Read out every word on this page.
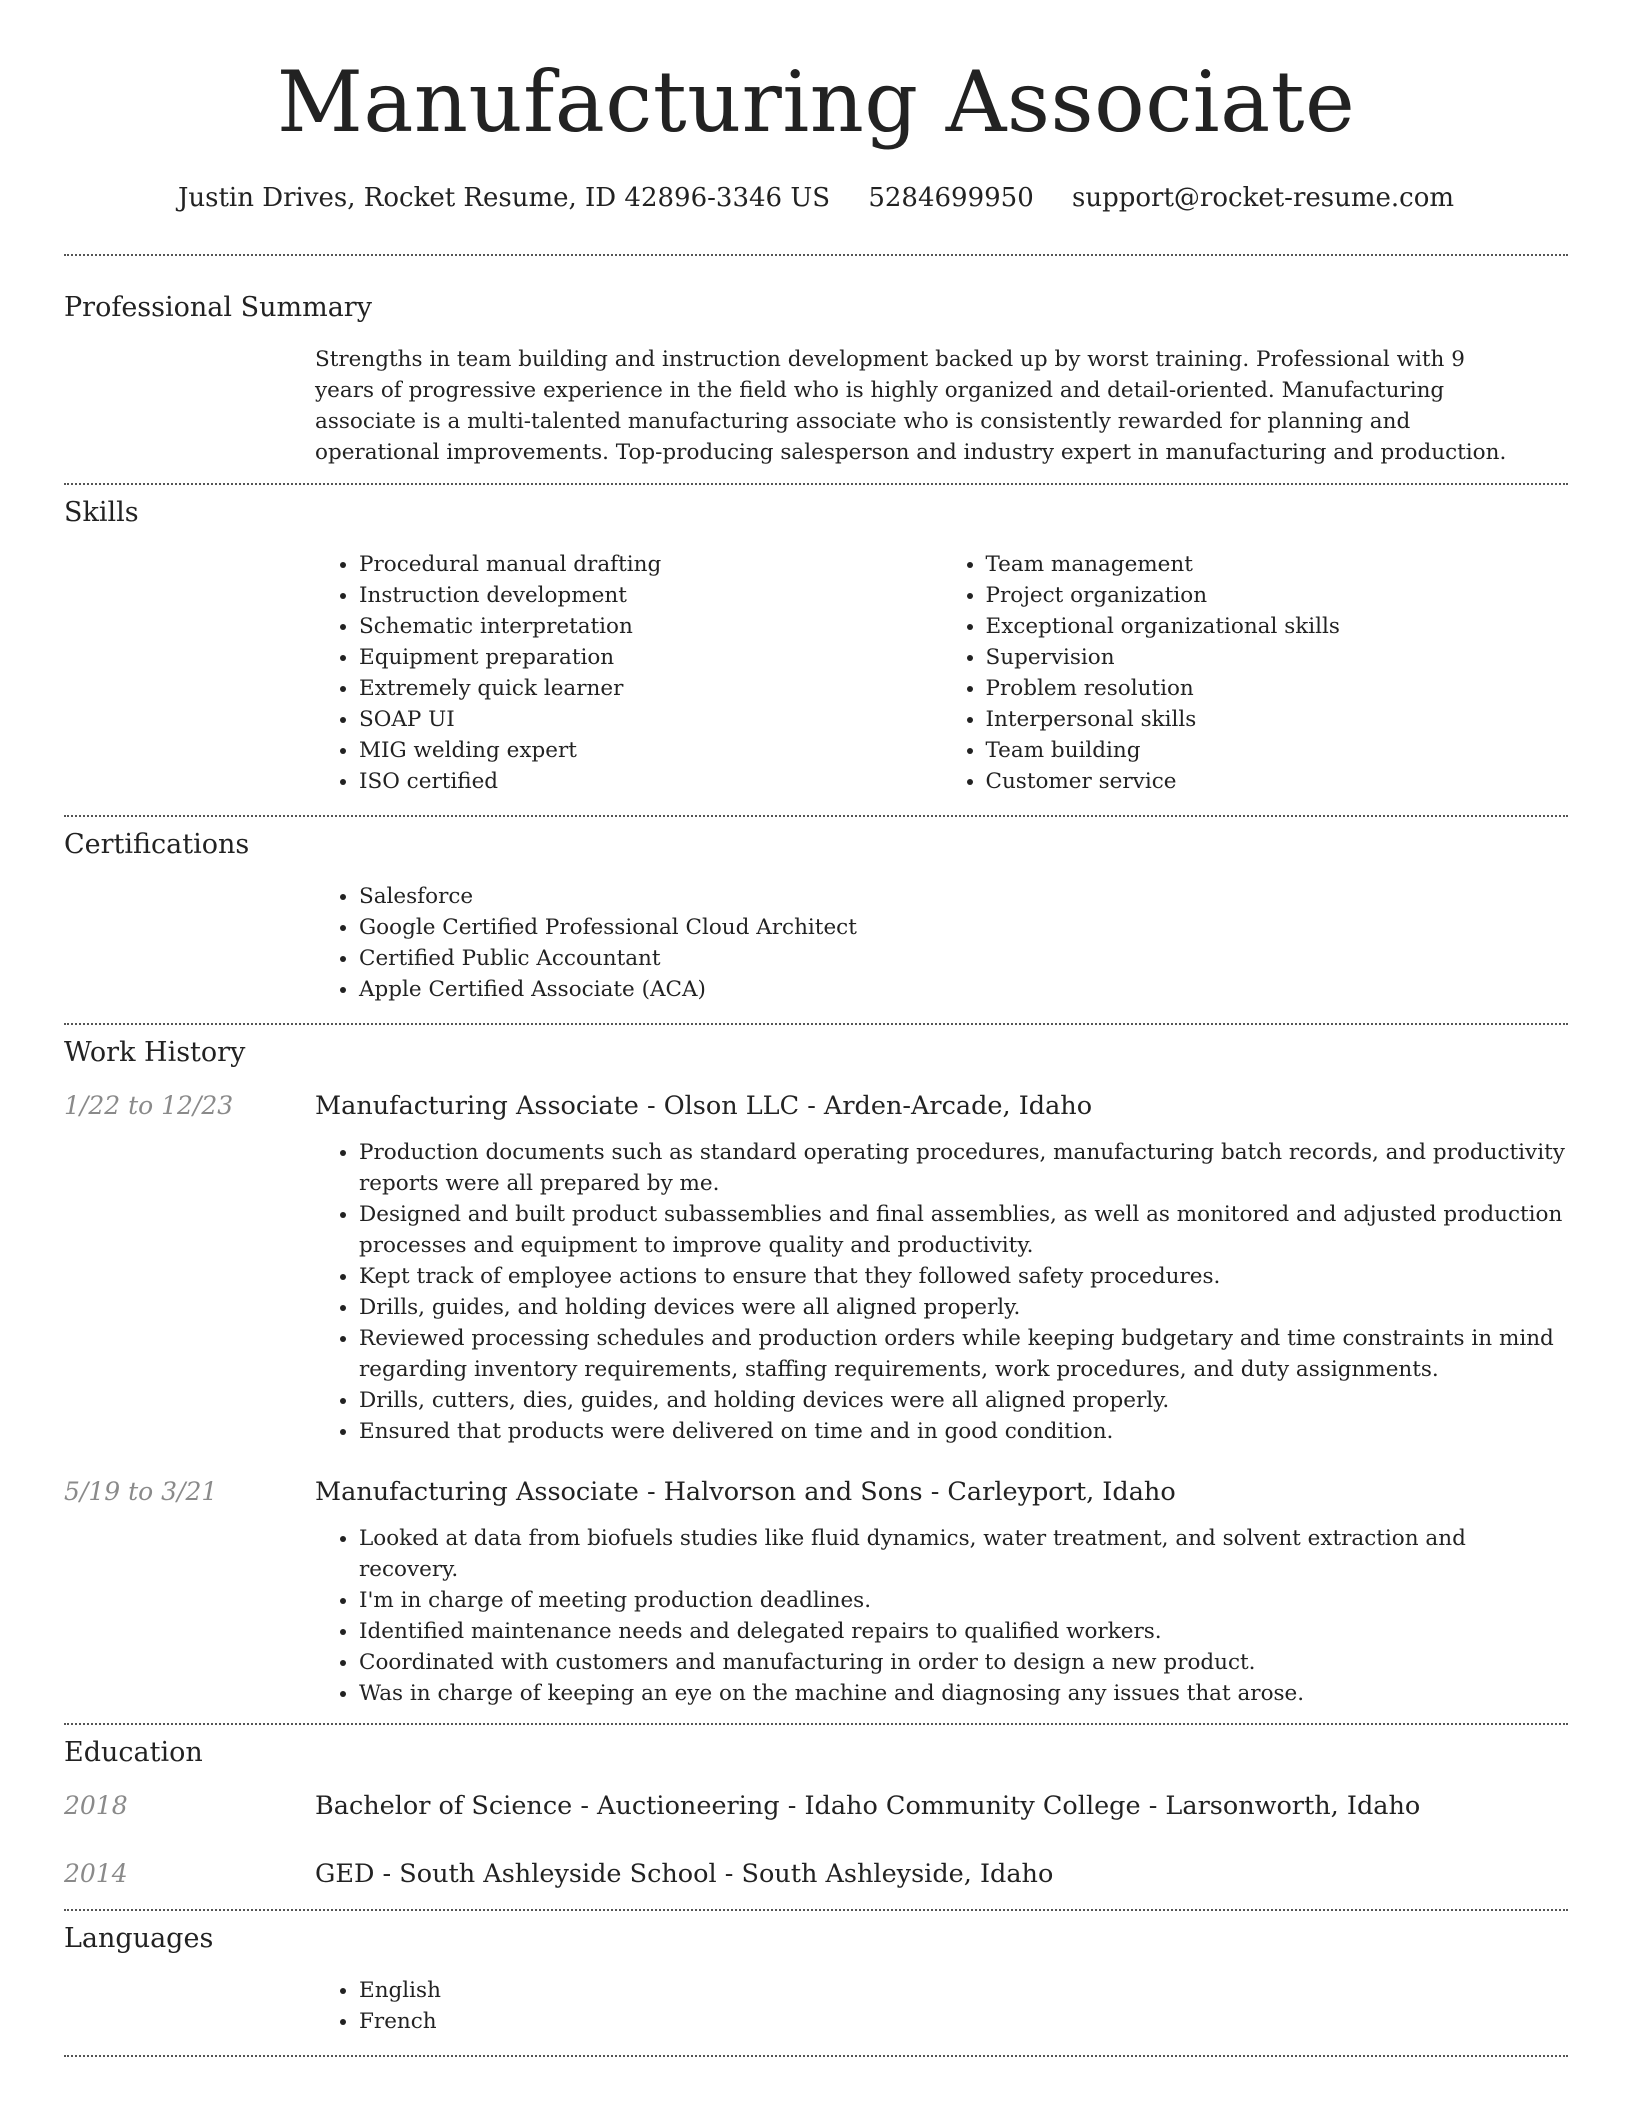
Manufacturing Associate
Justin Drives, Rocket Resume, ID 42896-3346 US 5284699950 support@rocket-resume.com
Professional Summary

Strengths in team building and instruction development backed up by worst training. Professional with 9 years of progressive experience in the field who is highly organized and detail-oriented. Manufacturing associate is a multi-talented manufacturing associate who is consistently rewarded for planning and operational improvements. Top-producing salesperson and industry expert in manufacturing and production.

Skills
• Procedural manual drafting
• Instruction development
• Schematic interpretation
• Equipment preparation
• Extremely quick learner
• SOAP UI
• MIG welding expert
• ISO certified
• Team management
• Project organization
• Exceptional organizational skills
• Supervision
• Problem resolution
• Interpersonal skills
• Team building
• Customer service
Certifications
• Salesforce
• Google Certified Professional Cloud Architect
• Certified Public Accountant
• Apple Certified Associate (ACA)
Work History
1/22 to 12/23	Manufacturing Associate - Olson LLC - Arden-Arcade, Idaho
• Production documents such as standard operating procedures, manufacturing batch records, and productivity reports were all prepared by me.
• Designed and built product subassemblies and final assemblies, as well as monitored and adjusted production processes and equipment to improve quality and productivity.
• Kept track of employee actions to ensure that they followed safety procedures.
• Drills, guides, and holding devices were all aligned properly.
• Reviewed processing schedules and production orders while keeping budgetary and time constraints in mind regarding inventory requirements, staffing requirements, work procedures, and duty assignments.
• Drills, cutters, dies, guides, and holding devices were all aligned properly.
• Ensured that products were delivered on time and in good condition.
5/19 to 3/21	Manufacturing Associate - Halvorson and Sons - Carleyport, Idaho
• Looked at data from biofuels studies like fluid dynamics, water treatment, and solvent extraction and recovery.
• I'm in charge of meeting production deadlines.
• Identified maintenance needs and delegated repairs to qualified workers.
• Coordinated with customers and manufacturing in order to design a new product.
• Was in charge of keeping an eye on the machine and diagnosing any issues that arose.
Education
2018	Bachelor of Science - Auctioneering - Idaho Community College - Larsonworth, Idaho
2014	GED - South Ashleyside School - South Ashleyside, Idaho
Languages
• English
• French
